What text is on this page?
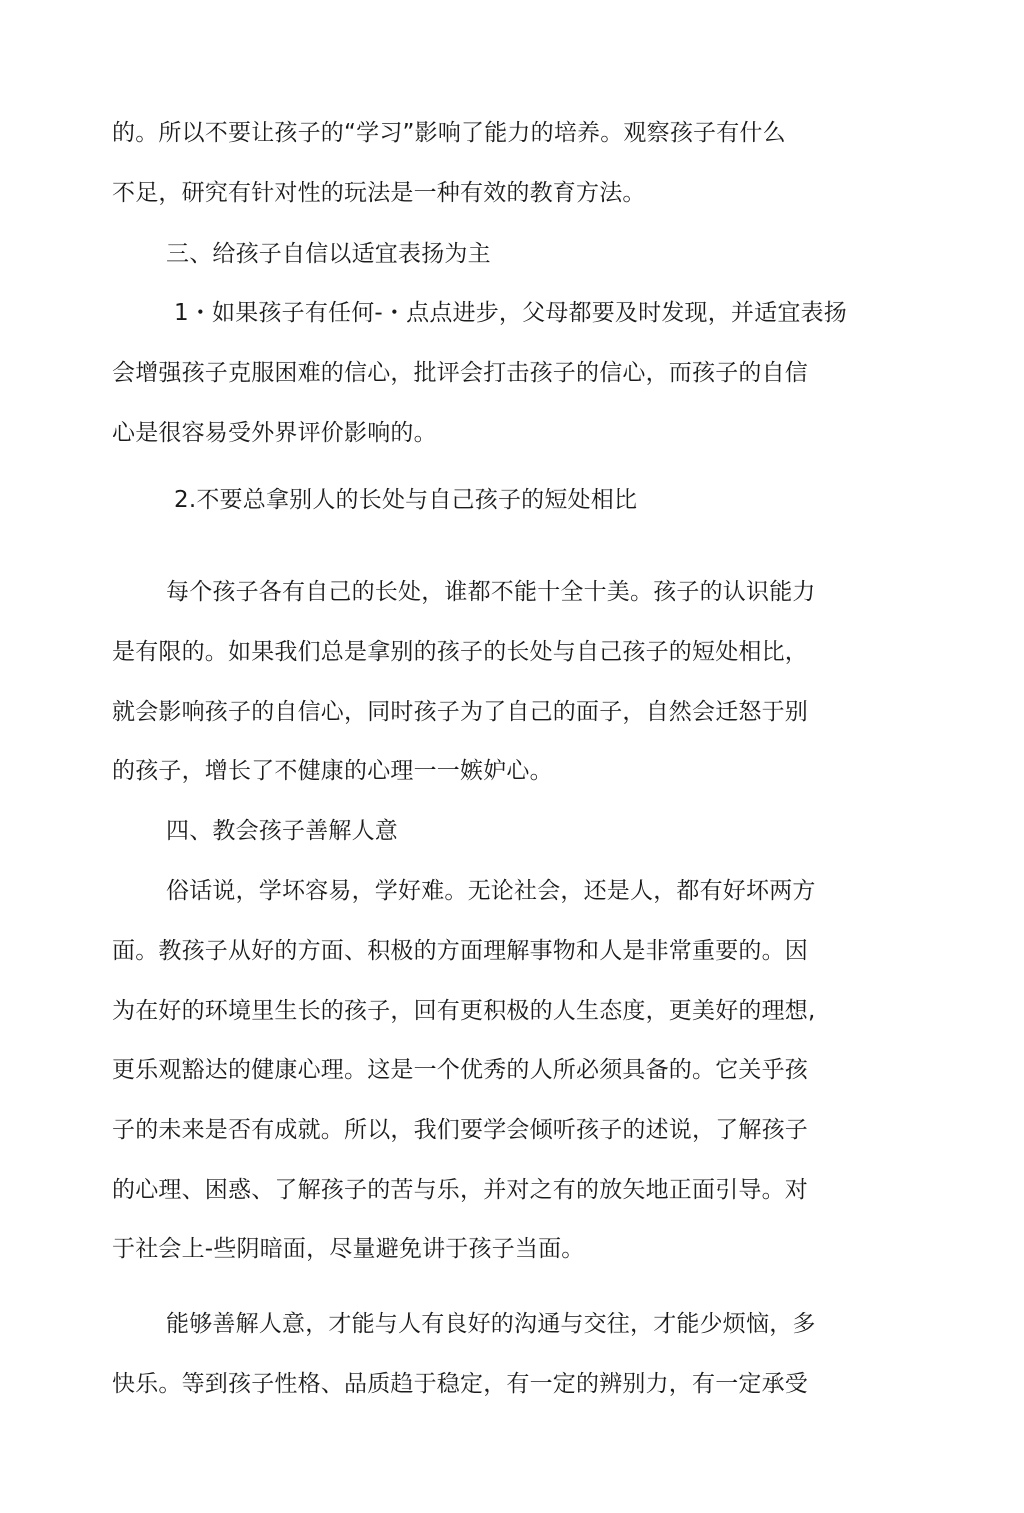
的。所以不要让孩子的“学习”影响了能力的培养。观察孩子有什么
不足，研究有针对性的玩法是一种有效的教育方法。
三、给孩子自信以适宜表扬为主
1・如果孩子有任何-・点点进步，父母都要及时发现，并适宜表扬
会增强孩子克服困难的信心，批评会打击孩子的信心，而孩子的自信
心是很容易受外界评价影响的。
2.不要总拿别人的长处与自己孩子的短处相比
每个孩子各有自己的长处，谁都不能十全十美。孩子的认识能力
是有限的。如果我们总是拿别的孩子的长处与自己孩子的短处相比，
就会影响孩子的自信心，同时孩子为了自己的面子，自然会迁怒于别
的孩子，增长了不健康的心理一一嫉妒心。
四、教会孩子善解人意
俗话说，学坏容易，学好难。无论社会，还是人，都有好坏两方
面。教孩子从好的方面、积极的方面理解事物和人是非常重要的。因
为在好的环境里生长的孩子，回有更积极的人生态度，更美好的理想,
更乐观豁达的健康心理。这是一个优秀的人所必须具备的。它关乎孩
子的未来是否有成就。所以，我们要学会倾听孩子的述说，了解孩子
的心理、困惑、了解孩子的苦与乐，并对之有的放矢地正面引导。对
于社会上-些阴暗面，尽量避免讲于孩子当面。
能够善解人意，才能与人有良好的沟通与交往，才能少烦恼，多
快乐。等到孩子性格、品质趋于稳定，有一定的辨别力，有一定承受
